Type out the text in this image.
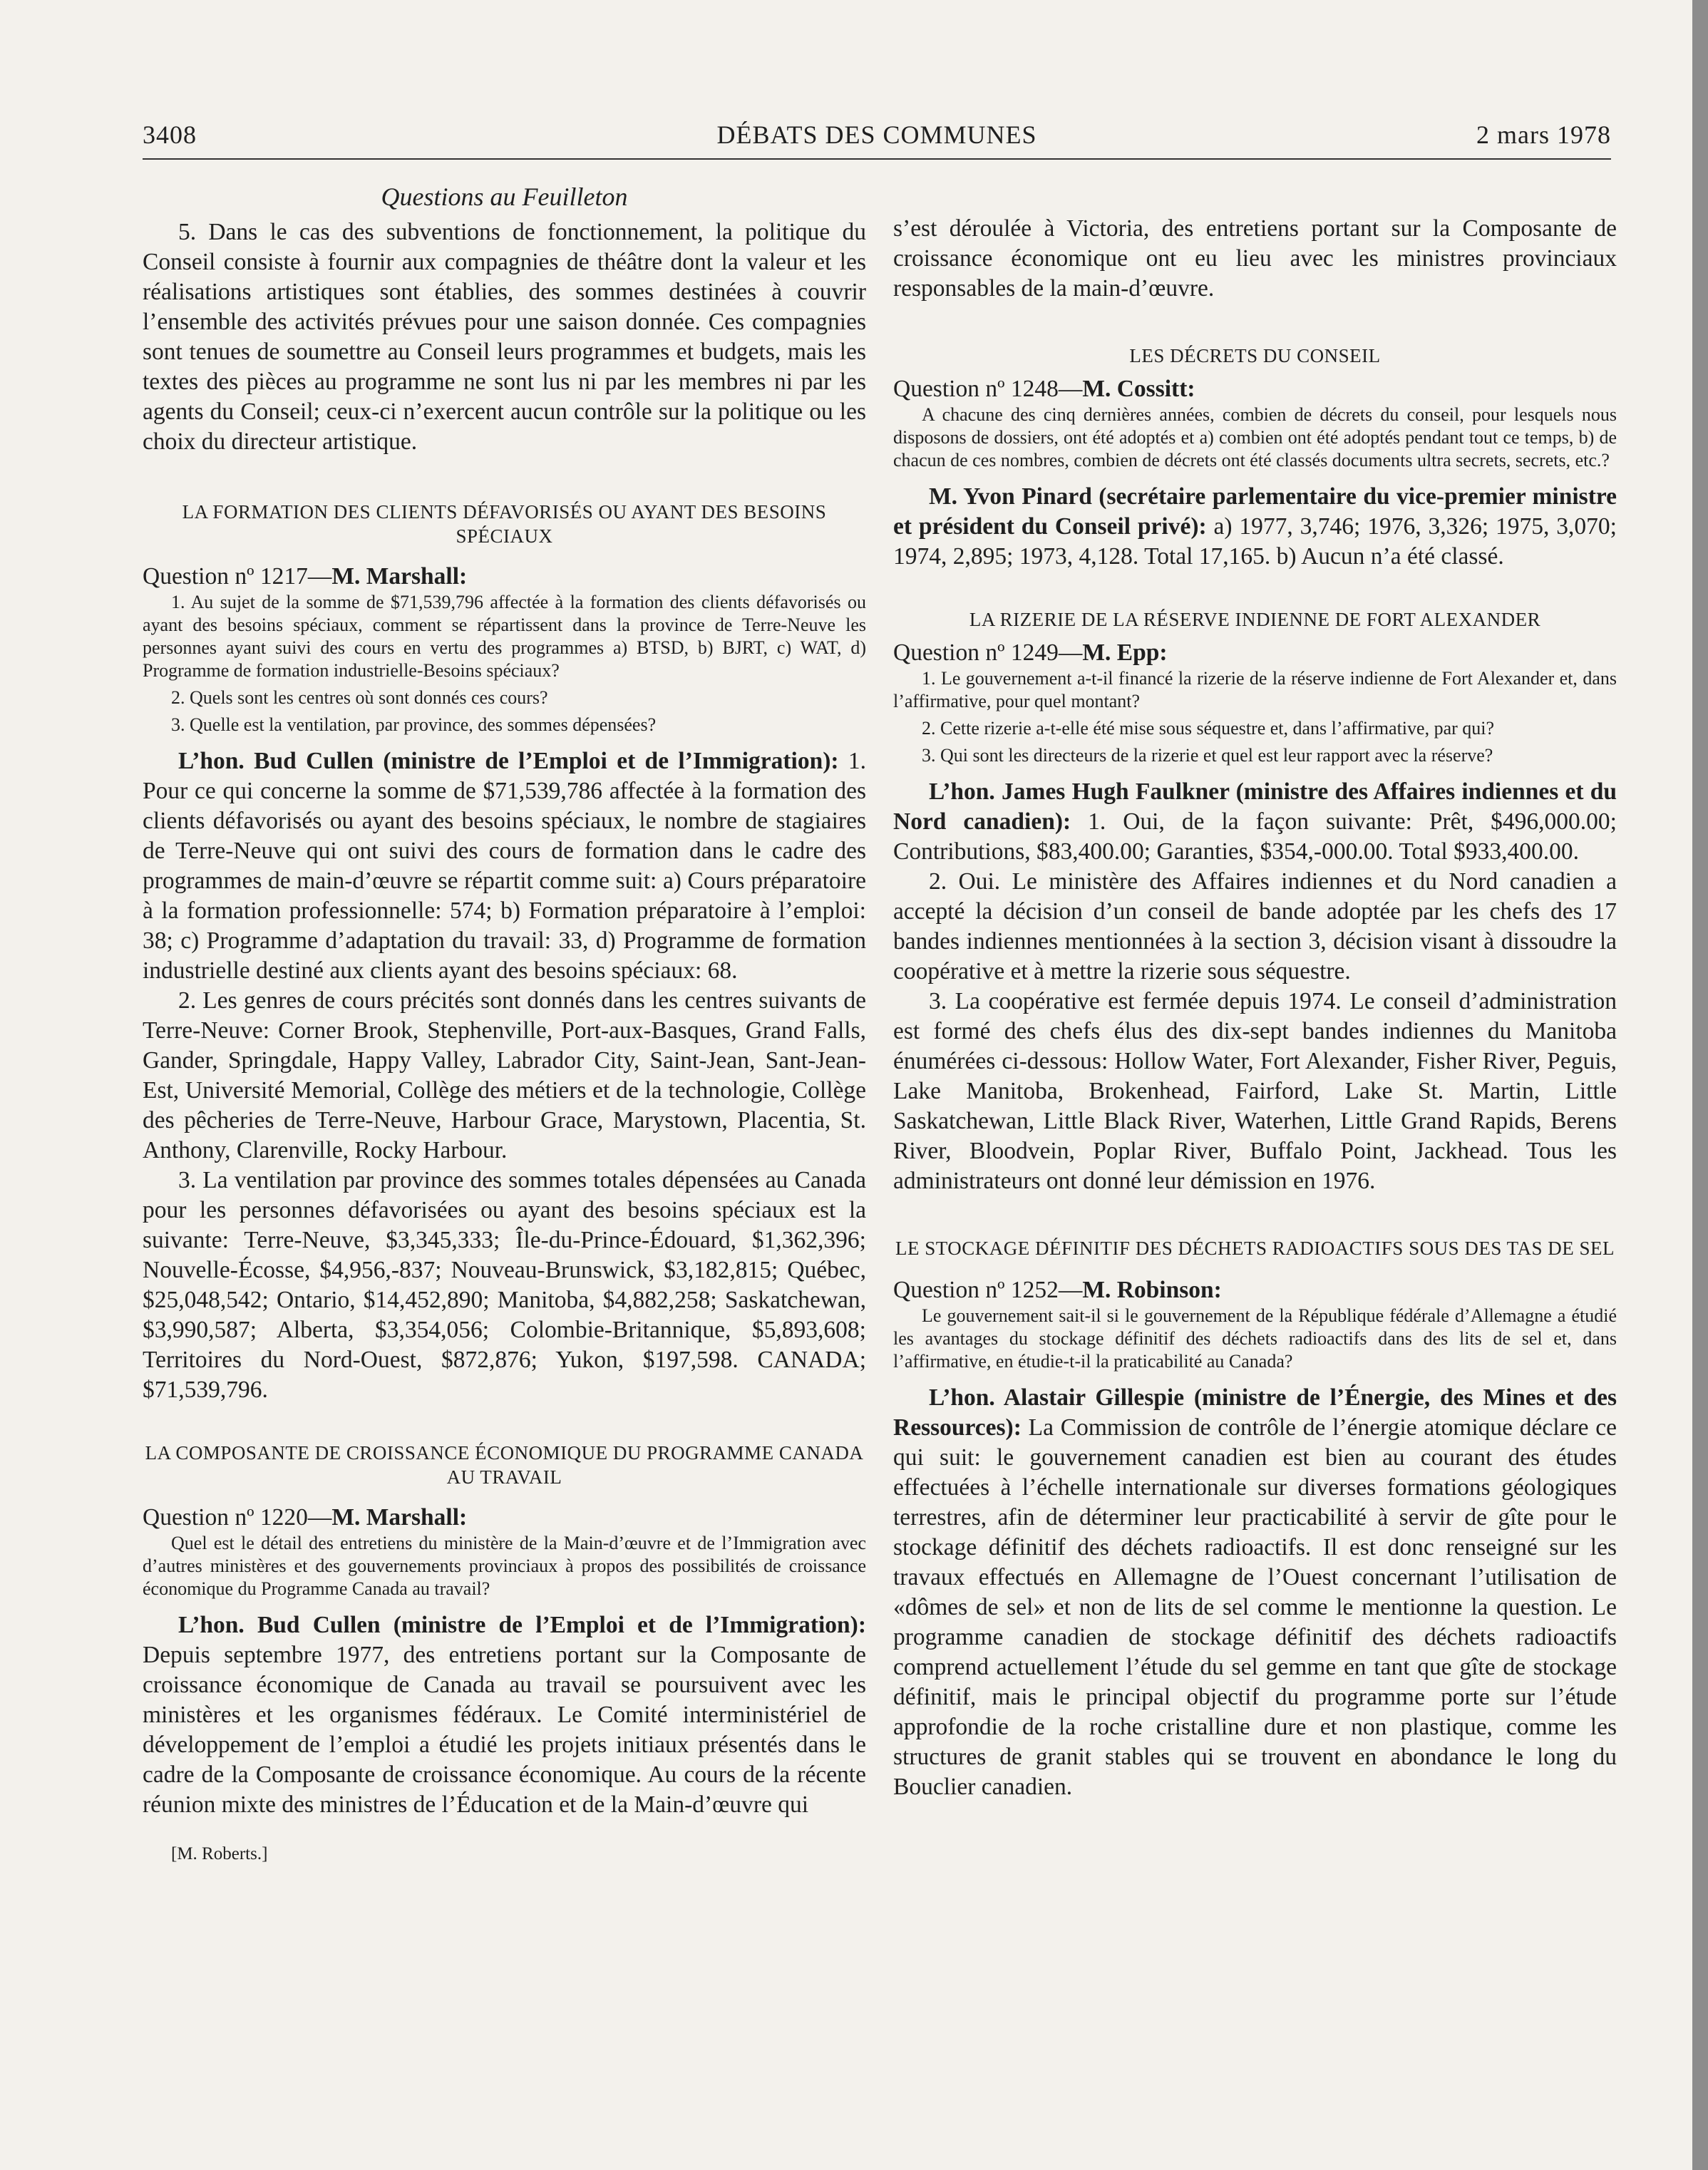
DÉBATS DES COMMUNES
3408	2 mars 1978

Questions au Feuilleton

5. Dans le cas des subventions de fonctionnement, la politique du Conseil consiste à fournir aux compagnies de théâtre dont la valeur et les réalisations artistiques sont établies, des sommes destinées à couvrir l’ensemble des activités prévues pour une saison donnée. Ces compagnies sont tenues de soumettre au Conseil leurs programmes et budgets, mais les textes des pièces au programme ne sont lus ni par les membres ni par les agents du Conseil; ceux-ci n’exercent aucun contrôle sur la politique ou les choix du directeur artistique.

LA FORMATION DES CLIENTS DÉFAVORISÉS OU AYANT DES BESOINS SPÉCIAUX

Question nº 1217—M. Marshall:

1. Au sujet de la somme de $71,539,796 affectée à la formation des clients défavorisés ou ayant des besoins spéciaux, comment se répartissent dans la province de Terre-Neuve les personnes ayant suivi des cours en vertu des programmes a) BTSD, b) BJRT, c) WAT, d) Programme de formation industrielle-Besoins spéciaux?

2. Quels sont les centres où sont donnés ces cours?

3. Quelle est la ventilation, par province, des sommes dépensées?

L’hon. Bud Cullen (ministre de l’Emploi et de l’Immigration): 1. Pour ce qui concerne la somme de $71,539,786 affectée à la formation des clients défavorisés ou ayant des besoins spéciaux, le nombre de stagiaires de Terre-Neuve qui ont suivi des cours de formation dans le cadre des programmes de main-d’œuvre se répartit comme suit: a) Cours préparatoire à la formation professionnelle: 574; b) Formation préparatoire à l’emploi: 38; c) Programme d’adaptation du travail: 33, d) Programme de formation industrielle destiné aux clients ayant des besoins spéciaux: 68.

2. Les genres de cours précités sont donnés dans les centres suivants de Terre-Neuve: Corner Brook, Stephenville, Port-aux-Basques, Grand Falls, Gander, Springdale, Happy Valley, Labrador City, Saint-Jean, Sant-Jean-Est, Université Memorial, Collège des métiers et de la technologie, Collège des pêcheries de Terre-Neuve, Harbour Grace, Marystown, Placentia, St. Anthony, Clarenville, Rocky Harbour.

3. La ventilation par province des sommes totales dépensées au Canada pour les personnes défavorisées ou ayant des besoins spéciaux est la suivante: Terre-Neuve, $3,345,333; Île-du-Prince-Édouard, $1,362,396; Nouvelle-Écosse, $4,956,-837; Nouveau-Brunswick, $3,182,815; Québec, $25,048,542; Ontario, $14,452,890; Manitoba, $4,882,258; Saskatchewan, $3,990,587; Alberta, $3,354,056; Colombie-Britannique, $5,893,608; Territoires du Nord-Ouest, $872,876; Yukon, $197,598. CANADA; $71,539,796.

LA COMPOSANTE DE CROISSANCE ÉCONOMIQUE DU PROGRAMME CANADA AU TRAVAIL

Question nº 1220—M. Marshall:

Quel est le détail des entretiens du ministère de la Main-d’œuvre et de l’Immigration avec d’autres ministères et des gouvernements provinciaux à propos des possibilités de croissance économique du Programme Canada au travail?

L’hon. Bud Cullen (ministre de l’Emploi et de l’Immigration): Depuis septembre 1977, des entretiens portant sur la Composante de croissance économique de Canada au travail se poursuivent avec les ministères et les organismes fédéraux. Le Comité interministériel de développement de l’emploi a étudié les projets initiaux présentés dans le cadre de la Composante de croissance économique. Au cours de la récente réunion mixte des ministres de l’Éducation et de la Main-d’œuvre qui

[M. Roberts.]

s’est déroulée à Victoria, des entretiens portant sur la Composante de croissance économique ont eu lieu avec les ministres provinciaux responsables de la main-d’œuvre.

LES DÉCRETS DU CONSEIL

Question nº 1248—M. Cossitt:

A chacune des cinq dernières années, combien de décrets du conseil, pour lesquels nous disposons de dossiers, ont été adoptés et a) combien ont été adoptés pendant tout ce temps, b) de chacun de ces nombres, combien de décrets ont été classés documents ultra secrets, secrets, etc.?

M. Yvon Pinard (secrétaire parlementaire du vice-premier ministre et président du Conseil privé): a) 1977, 3,746; 1976, 3,326; 1975, 3,070; 1974, 2,895; 1973, 4,128. Total 17,165. b) Aucun n’a été classé.

LA RIZERIE DE LA RÉSERVE INDIENNE DE FORT ALEXANDER

Question nº 1249—M. Epp:

1. Le gouvernement a-t-il financé la rizerie de la réserve indienne de Fort Alexander et, dans l’affirmative, pour quel montant?

2. Cette rizerie a-t-elle été mise sous séquestre et, dans l’affirmative, par qui?

3. Qui sont les directeurs de la rizerie et quel est leur rapport avec la réserve?

L’hon. James Hugh Faulkner (ministre des Affaires indiennes et du Nord canadien): 1. Oui, de la façon suivante: Prêt, $496,000.00; Contributions, $83,400.00; Garanties, $354,-000.00. Total $933,400.00.

2. Oui. Le ministère des Affaires indiennes et du Nord canadien a accepté la décision d’un conseil de bande adoptée par les chefs des 17 bandes indiennes mentionnées à la section 3, décision visant à dissoudre la coopérative et à mettre la rizerie sous séquestre.

3. La coopérative est fermée depuis 1974. Le conseil d’administration est formé des chefs élus des dix-sept bandes indiennes du Manitoba énumérées ci-dessous: Hollow Water, Fort Alexander, Fisher River, Peguis, Lake Manitoba, Brokenhead, Fairford, Lake St. Martin, Little Saskatchewan, Little Black River, Waterhen, Little Grand Rapids, Berens River, Bloodvein, Poplar River, Buffalo Point, Jackhead. Tous les administrateurs ont donné leur démission en 1976.

LE STOCKAGE DÉFINITIF DES DÉCHETS RADIOACTIFS SOUS DES TAS DE SEL

Question nº 1252—M. Robinson:

Le gouvernement sait-il si le gouvernement de la République fédérale d’Allemagne a étudié les avantages du stockage définitif des déchets radioactifs dans des lits de sel et, dans l’affirmative, en étudie-t-il la praticabilité au Canada?

L’hon. Alastair Gillespie (ministre de l’Énergie, des Mines et des Ressources): La Commission de contrôle de l’énergie atomique déclare ce qui suit: le gouvernement canadien est bien au courant des études effectuées à l’échelle internationale sur diverses formations géologiques terrestres, afin de déterminer leur practicabilité à servir de gîte pour le stockage définitif des déchets radioactifs. Il est donc renseigné sur les travaux effectués en Allemagne de l’Ouest concernant l’utilisation de «dômes de sel» et non de lits de sel comme le mentionne la question. Le programme canadien de stockage définitif des déchets radioactifs comprend actuellement l’étude du sel gemme en tant que gîte de stockage définitif, mais le principal objectif du programme porte sur l’étude approfondie de la roche cristalline dure et non plastique, comme les structures de granit stables qui se trouvent en abondance le long du Bouclier canadien.
